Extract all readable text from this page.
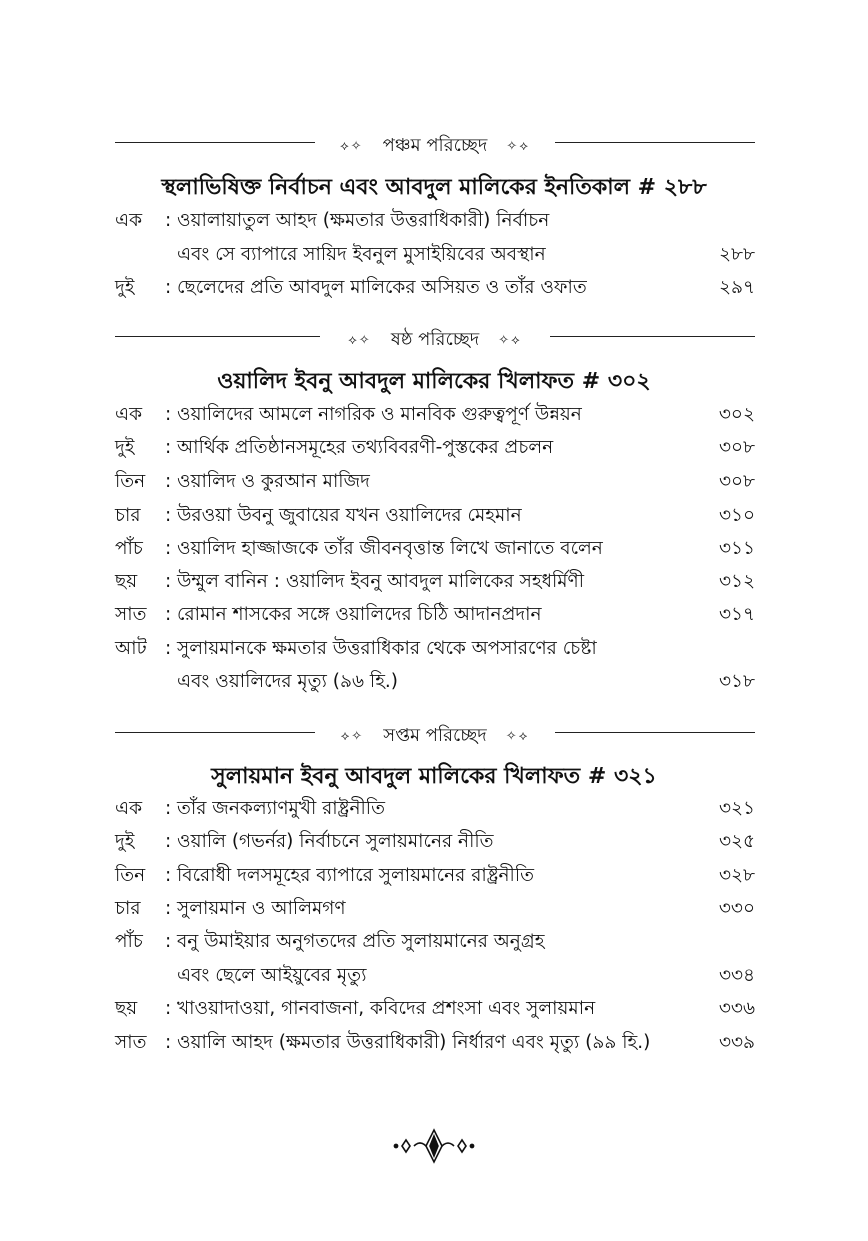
⟡✧ পঞ্চম পরিচ্ছেদ ✧⟡
স্থলাভিষিক্ত নির্বাচন এবং আবদুল মালিকের ইনতিকাল # ২৮৮
এক : ওয়ালায়াতুল আহদ (ক্ষমতার উত্তরাধিকারী) নির্বাচন
এবং সে ব্যাপারে সায়িদ ইবনুল মুসাইয়িবের অবস্থান	২৮৮
দুই : ছেলেদের প্রতি আবদুল মালিকের অসিয়ত ও তাঁর ওফাত	২৯৭
⟡✧ ষষ্ঠ পরিচ্ছেদ ✧⟡
ওয়ালিদ ইবনু আবদুল মালিকের খিলাফত # ৩০২
এক : ওয়ালিদের আমলে নাগরিক ও মানবিক গুরুত্বপূর্ণ উন্নয়ন	৩০২
দুই : আর্থিক প্রতিষ্ঠানসমূহের তথ্যবিবরণী-পুস্তকের প্রচলন	৩০৮
তিন : ওয়ালিদ ও কুরআন মাজিদ	৩০৮
চার : উরওয়া উবনু জুবায়ের যখন ওয়ালিদের মেহমান	৩১০
পাঁচ : ওয়ালিদ হাজ্জাজকে তাঁর জীবনবৃত্তান্ত লিখে জানাতে বলেন	৩১১
ছয় : উম্মুল বানিন : ওয়ালিদ ইবনু আবদুল মালিকের সহধর্মিণী	৩১২
সাত : রোমান শাসকের সঙ্গে ওয়ালিদের চিঠি আদানপ্রদান	৩১৭
আট : সুলায়মানকে ক্ষমতার উত্তরাধিকার থেকে অপসারণের চেষ্টা
এবং ওয়ালিদের মৃত্যু (৯৬ হি.)	৩১৮
⟡✧ সপ্তম পরিচ্ছেদ ✧⟡
সুলায়মান ইবনু আবদুল মালিকের খিলাফত # ৩২১
এক : তাঁর জনকল্যাণমুখী রাষ্ট্রনীতি	৩২১
দুই : ওয়ালি (গভর্নর) নির্বাচনে সুলায়মানের নীতি	৩২৫
তিন : বিরোধী দলসমূহের ব্যাপারে সুলায়মানের রাষ্ট্রনীতি	৩২৮
চার : সুলায়মান ও আলিমগণ	৩৩০
পাঁচ : বনু উমাইয়ার অনুগতদের প্রতি সুলায়মানের অনুগ্রহ
এবং ছেলে আইয়ুবের মৃত্যু	৩৩৪
ছয় : খাওয়াদাওয়া, গানবাজনা, কবিদের প্রশংসা এবং সুলায়মান	৩৩৬
সাত : ওয়ালি আহদ (ক্ষমতার উত্তরাধিকারী) নির্ধারণ এবং মৃত্যু (৯৯ হি.)	৩৩৯
